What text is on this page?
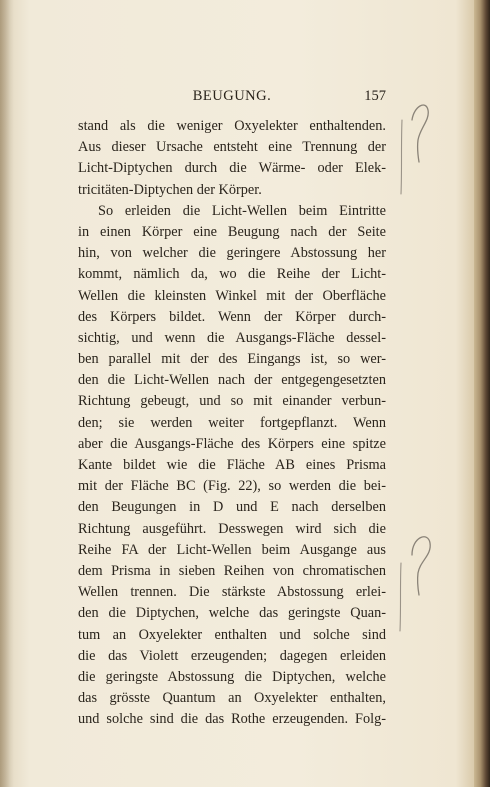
BEUGUNG.	157
stand als die weniger Oxyelekter enthaltenden.
Aus dieser Ursache entsteht eine Trennung der
Licht-Diptychen durch die Wärme- oder Elek-
tricitäten-Diptychen der Körper.
So erleiden die Licht-Wellen beim Eintritte
in einen Körper eine Beugung nach der Seite
hin, von welcher die geringere Abstossung her
kommt, nämlich da, wo die Reihe der Licht-
Wellen die kleinsten Winkel mit der Oberfläche
des Körpers bildet. Wenn der Körper durch-
sichtig, und wenn die Ausgangs-Fläche dessel-
ben parallel mit der des Eingangs ist, so wer-
den die Licht-Wellen nach der entgegengesetzten
Richtung gebeugt, und so mit einander verbun-
den; sie werden weiter fortgepflanzt. Wenn
aber die Ausgangs-Fläche des Körpers eine spitze
Kante bildet wie die Fläche AB eines Prisma
mit der Fläche BC (Fig. 22), so werden die bei-
den Beugungen in D und E nach derselben
Richtung ausgeführt. Desswegen wird sich die
Reihe FA der Licht-Wellen beim Ausgange aus
dem Prisma in sieben Reihen von chromatischen
Wellen trennen. Die stärkste Abstossung erlei-
den die Diptychen, welche das geringste Quan-
tum an Oxyelekter enthalten und solche sind
die das Violett erzeugenden; dagegen erleiden
die geringste Abstossung die Diptychen, welche
das grösste Quantum an Oxyelekter enthalten,
und solche sind die das Rothe erzeugenden. Folg-
